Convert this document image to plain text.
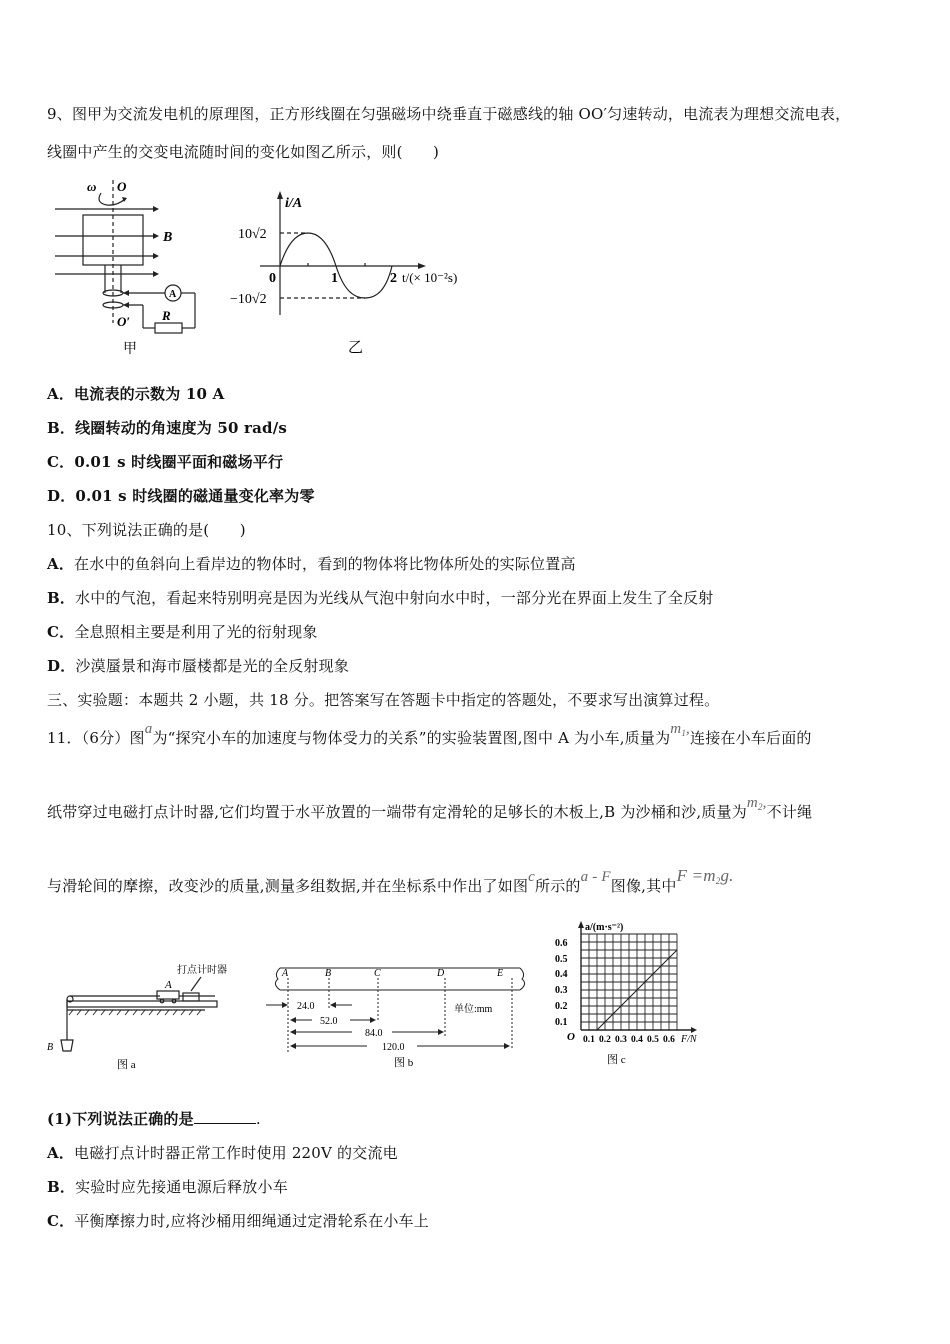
9、图甲为交流发电机的原理图，正方形线圈在匀强磁场中绕垂直于磁感线的轴 OO′匀速转动，电流表为理想交流电表，
线圈中产生的交变电流随时间的变化如图乙所示，则(　　)
ω O
B
A
R
O′
甲
i/A
10√2
−10√2
0	1	2 t/(× 10⁻²s)
乙
A．电流表的示数为 10 A
B．线圈转动的角速度为 50 rad/s
C．0.01 s 时线圈平面和磁场平行
D．0.01 s 时线圈的磁通量变化率为零
10、下列说法正确的是(　　)
A．在水中的鱼斜向上看岸边的物体时，看到的物体将比物体所处的实际位置高
B．水中的气泡，看起来特别明亮是因为光线从气泡中射向水中时，一部分光在界面上发生了全反射
C．全息照相主要是利用了光的衍射现象
D．沙漠蜃景和海市蜃楼都是光的全反射现象
三、实验题：本题共 2 小题，共 18 分。把答案写在答题卡中指定的答题处，不要求写出演算过程。
11．（6分）图a为“探究小车的加速度与物体受力的关系”的实验装置图,图中 A 为小车,质量为$m_1$,连接在小车后面的
纸带穿过电磁打点计时器,它们均置于水平放置的一端带有定滑轮的足够长的木板上,B 为沙桶和沙,质量为$m_2$,不计绳
与滑轮间的摩擦，改变沙的质量,测量多组数据,并在坐标系中作出了如图c所示的a - F图像,其中F =m2g.
打点计时器
A
B
图 a
A	B	C	D	E
24.0
52.0
84.0
120.0
单位:mm
图 b
a/(m·s⁻²)
0.6
0.5
0.4
0.3
0.2
0.1
O 0.1 0.2 0.3 0.4 0.5 0.6 F/N
图 c
(1)下列说法正确的是	.
A．电磁打点计时器正常工作时使用 220V 的交流电
B．实验时应先接通电源后释放小车
C．平衡摩擦力时,应将沙桶用细绳通过定滑轮系在小车上
